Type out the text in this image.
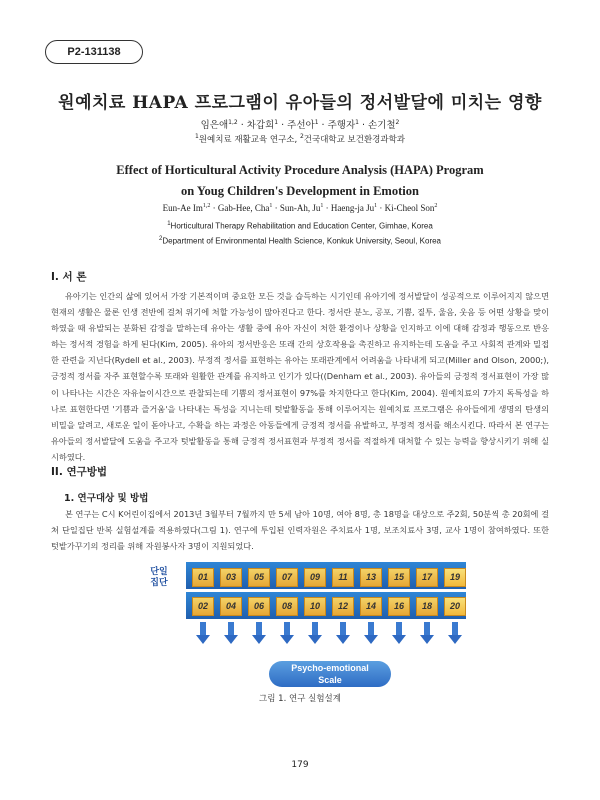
P2-131138
원예치료 HAPA 프로그램이 유아들의 정서발달에 미치는 영향
임은애$^{1,2}$ · 차갑희$^1$ · 주선아$^1$ · 주행자$^1$ · 손기철$^2$
$^1$원예치료 재활교육 연구소, $^2$건국대학교 보건환경과학과
Effect of Horticultural Activity Procedure Analysis (HAPA) Program
on Youg Children's Development in Emotion
Eun-Ae Im$^{1,2}$ · Gab-Hee, Cha$^1$ · Sun-Ah, $Ju^1$ · Haeng-ja $Ju^1$ · Ki-Cheol Son$^2$
$^1$Horticultural Therapy Rehabilitation and Education Center, Gimhae, Korea
$^2$Department of Environmental Health Science, Konkuk University, Seoul, Korea
I. 서 론
유아기는 인간의 삶에 있어서 가장 기본적이며 중요한 모든 것을 습득하는 시기인데 유아기에 정서발달이 성공적으로 이루어지지 않으면 현재의 생활은 물론 인생 전반에 걸쳐 위기에 처할 가능성이 많아진다고 한다. 정서란 분노, 공포, 기쁨, 질투, 울음, 웃음 등 어떤 상황을 맞이하였을 때 유발되는 분화된 감정을 말하는데 유아는 생활 중에 유아 자신이 처한 환경이나 상황을 인지하고 이에 대해 감정과 행동으로 반응하는 정서적 경험을 하게 된다(Kim, 2005). 유아의 정서반응은 또래 간의 상호작용을 촉진하고 유지하는데 도움을 주고 사회적 관계와 밀접한 관련을 지닌다(Rydell et al., 2003). 부정적 정서를 표현하는 유아는 또래관계에서 어려움을 나타내게 되고(Miller and Olson, 2000;), 긍정적 정서를 자주 표현할수록 또래와 원활한 관계를 유지하고 인기가 있다((Denham et al., 2003). 유아들의 긍정적 정서표현이 가장 많이 나타나는 시간은 자유놀이시간으로 관찰되는데 기쁨의 정서표현이 97%를 차지한다고 한다(Kim, 2004). 원예치료의 7가지 독특성을 하나로 표현한다면 '기쁨과 즐거움'을 나타내는 특성을 지니는데 텃밭활동을 통해 이루어지는 원예치료 프로그램은 유아들에게 생명의 탄생의 비밀을 알려고, 새로운 일이 돋아나고, 수확을 하는 과정은 아동들에게 긍정적 정서를 유발하고, 부정적 정서를 해소시킨다. 따라서 본 연구는 유아들의 정서발달에 도움을 주고자 텃밭활동을 통해 긍정적 정서표현과 부정적 정서를 적절하게 대처할 수 있는 능력을 향상시키기 위해 실시하였다.
II. 연구방법
1. 연구대상 및 방법
본 연구는 C시 K어린이집에서 2013년 3월부터 7월까지 만 5세 남아 10명, 여아 8명, 총 18명을 대상으로 주2회, 50분씩 총 20회에 걸쳐 단일집단 반복 실험설계를 적용하였다(그림 1). 연구에 투입된 인력자원은 주치료사 1명, 보조치료사 3명, 교사 1명이 참여하였다. 또한 텃밭가꾸기의 정리를 위해 자원봉사자 3명이 지원되었다.
단일 집단
01	03	05	07	09	11	13	15	17	19
02	04	06	08	10	12	14	16	18	20
Psycho-emotional
Scale
그림 1. 연구 실험설계
179
